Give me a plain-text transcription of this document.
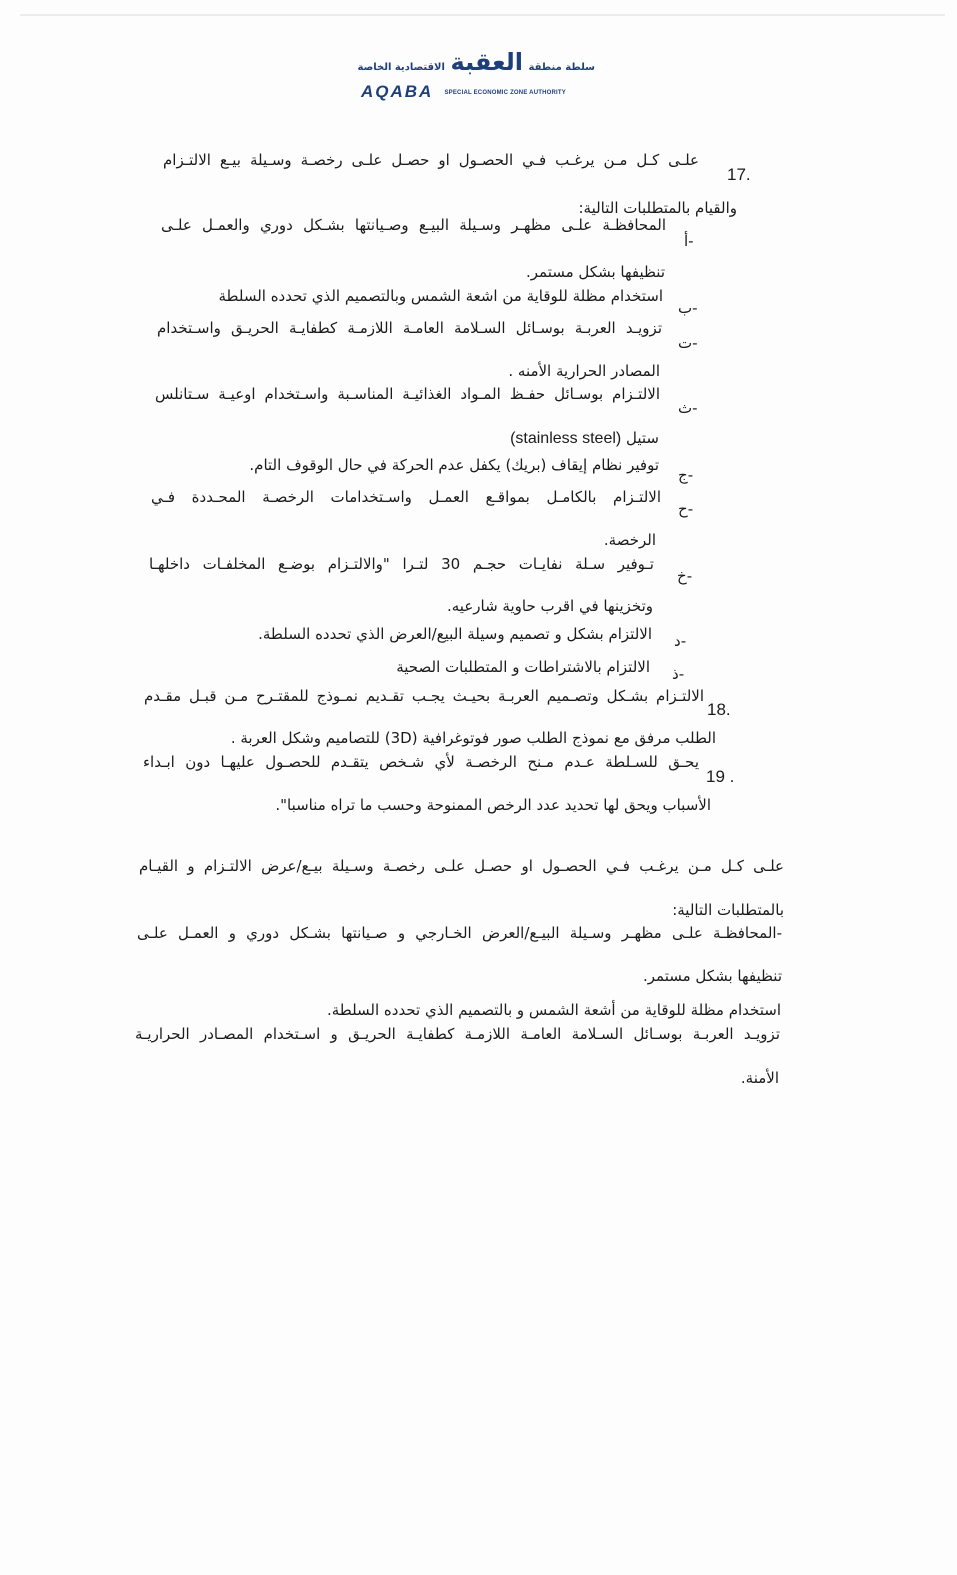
سلطة منطقة العقبة الاقتصادية الخاصة
AQABA SPECIAL ECONOMIC ZONE AUTHORITY
17.
علـى كـل مـن يرغـب فـي الحصـول او حصـل علـى رخصـة وسـيلة بيـع الالتـزام
والقيام بالمتطلبات التالية:
أ-
المحافظـة علـى مظهـر وسـيلة البيـع وصـيانتها بشـكل دوري والعمـل علـى
تنظيفها بشكل مستمر.
ب-
استخدام مظلة للوقاية من اشعة الشمس وبالتصميم الذي تحدده السلطة
ت-
تزويـد العربـة بوسـائل السـلامة العامـة اللازمـة كطفايـة الحريـق واسـتخدام
المصادر الحرارية الأمنه .
ث-
الالتـزام بوسـائل حفـظ المـواد الغذائيـة المناسـبة واسـتخدام اوعيـة سـتانلس
ستيل (stainless steel)
ج-
توفير نظام إيقاف (بريك) يكفل عدم الحركة في حال الوقوف التام.
ح-
الالتـزام بالكامـل بمواقـع العمـل واسـتخدامات الرخصـة المحـددة فـي
الرخصة.
خ-
تـوفير سـلة نفايـات حجـم 30 لتـرا "والالتـزام بوضـع المخلفـات داخلهـا
وتخزينها في اقرب حاوية شارعيه.
د-
الالتزام بشكل و تصميم وسيلة البيع/العرض الذي تحدده السلطة.
ذ-
الالتزام بالاشتراطات و المتطلبات الصحية
18.
الالتـزام بشـكل وتصـميم العربـة بحيـث يجـب تقـديم نمـوذج للمقتـرح مـن قبـل مقـدم
الطلب مرفق مع نموذج الطلب صور فوتوغرافية (3D) للتصاميم وشكل العربة .
19 .
يحـق للسـلطة عـدم مـنح الرخصـة لأي شـخص يتقـدم للحصـول عليهـا دون ابـداء
الأسباب ويحق لها تحديد عدد الرخص الممنوحة وحسب ما تراه مناسبا".
علـى كـل مـن يرغـب فـي الحصـول او حصـل علـى رخصـة وسـيلة بيـع/عرض الالتـزام و القيـام
بالمتطلبات التالية:
-المحافظـة علـى مظهـر وسـيلة البيـع/العرض الخـارجي و صـيانتها بشـكل دوري و العمـل علـى
تنظيفها بشكل مستمر.
استخدام مظلة للوقاية من أشعة الشمس و بالتصميم الذي تحدده السلطة.
تزويـد العربـة بوسـائل السـلامة العامـة اللازمـة كطفايـة الحريـق و اسـتخدام المصـادر الحراريـة
الأمنة.
